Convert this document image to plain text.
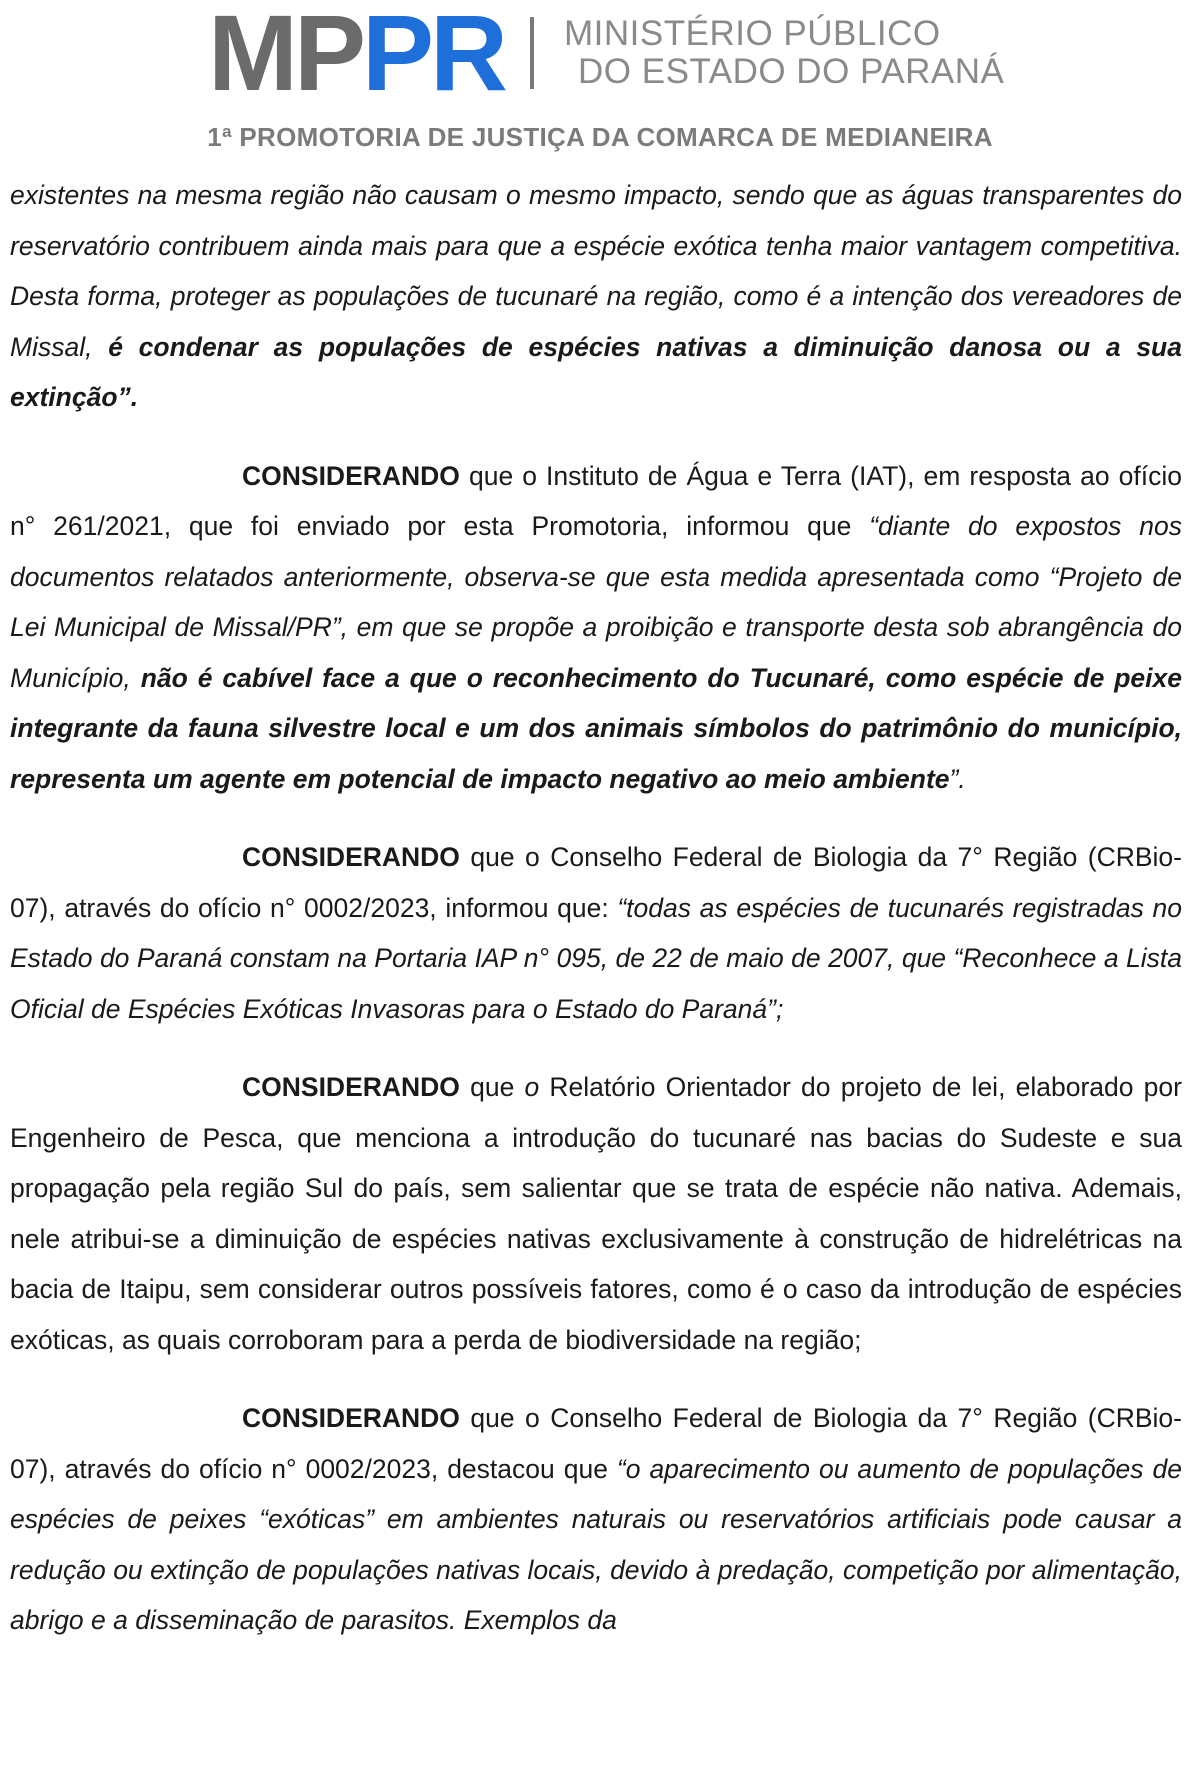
MP PR MINISTÉRIO PÚBLICO
DO ESTADO DO PARANÁ
1ª PROMOTORIA DE JUSTIÇA DA COMARCA DE MEDIANEIRA

existentes na mesma região não causam o mesmo impacto, sendo que as águas transparentes do reservatório contribuem ainda mais para que a espécie exótica tenha maior vantagem competitiva. Desta forma, proteger as populações de tucunaré na região, como é a intenção dos vereadores de Missal, é condenar as populações de espécies nativas a diminuição danosa ou a sua extinção”.

CONSIDERANDO que o Instituto de Água e Terra (IAT), em resposta ao ofício n° 261/2021, que foi enviado por esta Promotoria, informou que “diante do expostos nos documentos relatados anteriormente, observa-se que esta medida apresentada como “Projeto de Lei Municipal de Missal/PR”, em que se propõe a proibição e transporte desta sob abrangência do Município, não é cabível face a que o reconhecimento do Tucunaré, como espécie de peixe integrante da fauna silvestre local e um dos animais símbolos do patrimônio do município, representa um agente em potencial de impacto negativo ao meio ambiente”.

CONSIDERANDO que o Conselho Federal de Biologia da 7° Região (CRBio-07), através do ofício n° 0002/2023, informou que: “todas as espécies de tucunarés registradas no Estado do Paraná constam na Portaria IAP n° 095, de 22 de maio de 2007, que “Reconhece a Lista Oficial de Espécies Exóticas Invasoras para o Estado do Paraná”;

CONSIDERANDO que o Relatório Orientador do projeto de lei, elaborado por Engenheiro de Pesca, que menciona a introdução do tucunaré nas bacias do Sudeste e sua propagação pela região Sul do país, sem salientar que se trata de espécie não nativa. Ademais, nele atribui-se a diminuição de espécies nativas exclusivamente à construção de hidrelétricas na bacia de Itaipu, sem considerar outros possíveis fatores, como é o caso da introdução de espécies exóticas, as quais corroboram para a perda de biodiversidade na região;

CONSIDERANDO que o Conselho Federal de Biologia da 7° Região (CRBio-07), através do ofício n° 0002/2023, destacou que “o aparecimento ou aumento de populações de espécies de peixes “exóticas” em ambientes naturais ou reservatórios artificiais pode causar a redução ou extinção de populações nativas locais, devido à predação, competição por alimentação, abrigo e a disseminação de parasitos. Exemplos da
